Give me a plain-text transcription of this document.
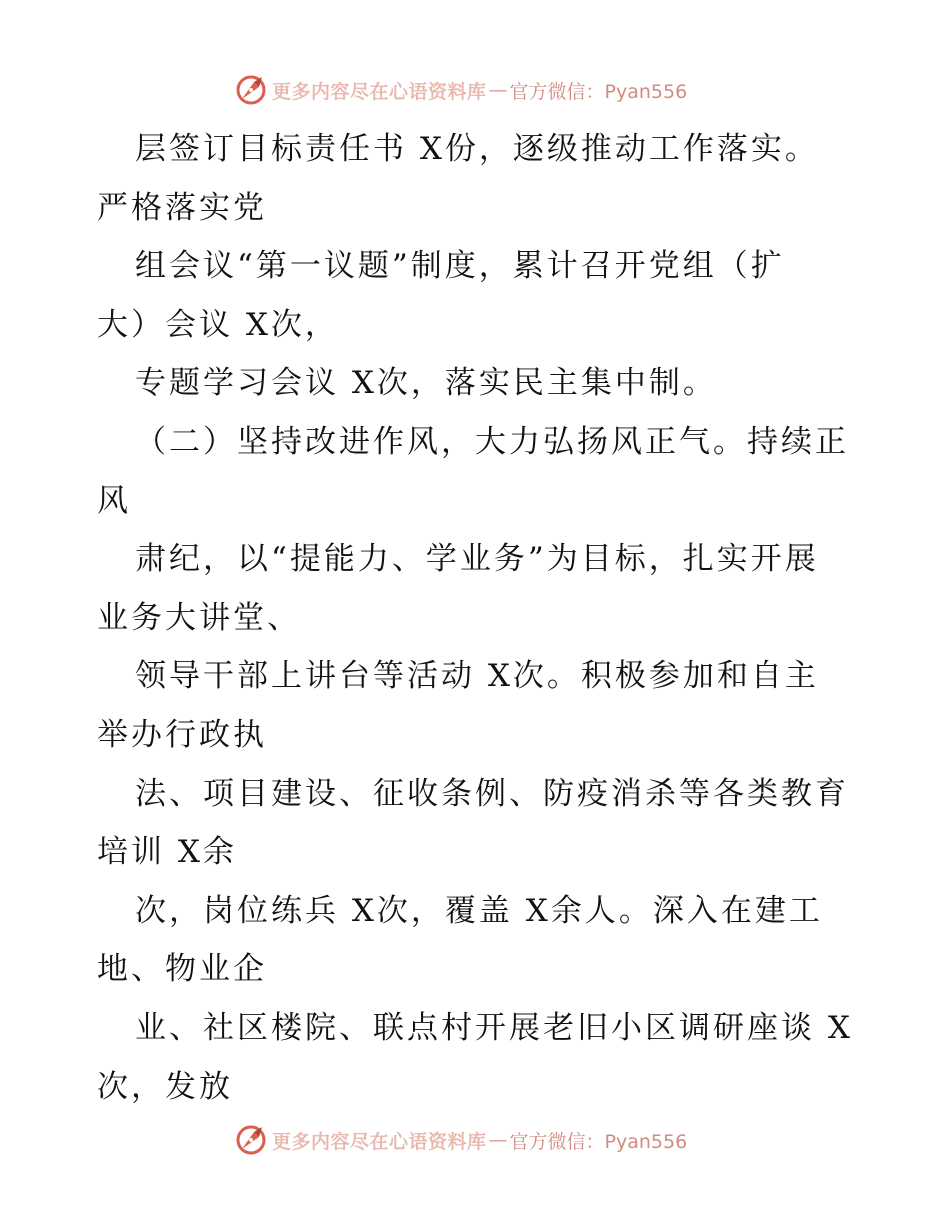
更多内容尽在心语资料库 — 官方微信：Pyan556
层签订目标责任书 X份，逐级推动工作落实。
严格落实党
组会议“第一议题”制度，累计召开党组（扩
大）会议 X次，
专题学习会议 X次，落实民主集中制。
（二）坚持改进作风，大力弘扬风正气。持续正
风
肃纪，以“提能力、学业务”为目标，扎实开展
业务大讲堂、
领导干部上讲台等活动 X次。积极参加和自主
举办行政执
法、项目建设、征收条例、防疫消杀等各类教育
培训 X余
次，岗位练兵 X次，覆盖 X余人。深入在建工
地、物业企
业、社区楼院、联点村开展老旧小区调研座谈 X
次，发放
更多内容尽在心语资料库 — 官方微信：Pyan556
